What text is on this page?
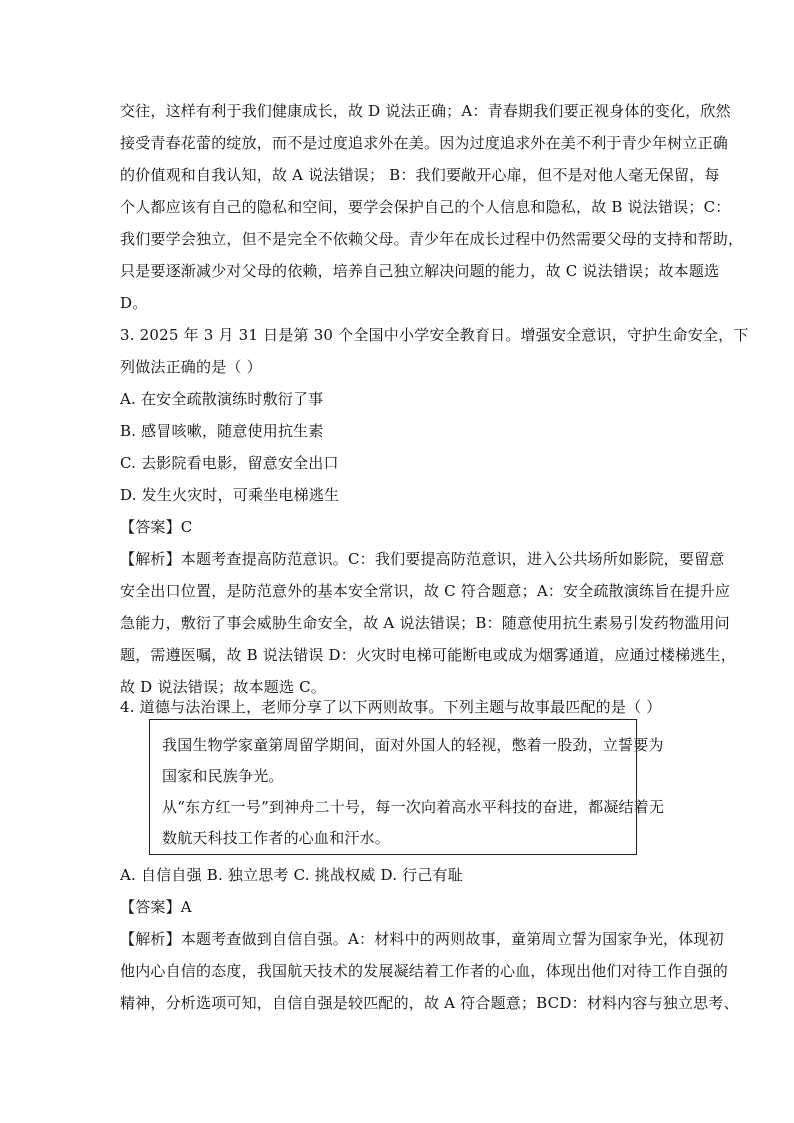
交往，这样有利于我们健康成长，故 D 说法正确；A：青春期我们要正视身体的变化，欣然
接受青春花蕾的绽放，而不是过度追求外在美。因为过度追求外在美不利于青少年树立正确
的价值观和自我认知，故 A 说法错误； B：我们要敞开心扉，但不是对他人毫无保留，每
个人都应该有自己的隐私和空间，要学会保护自己的个人信息和隐私，故 B 说法错误；C：
我们要学会独立，但不是完全不依赖父母。青少年在成长过程中仍然需要父母的支持和帮助，
只是要逐渐减少对父母的依赖，培养自己独立解决问题的能力，故 C 说法错误；故本题选
D。
3. 2025 年 3 月 31 日是第 30 个全国中小学安全教育日。增强安全意识，守护生命安全，下
列做法正确的是（ ）
A. 在安全疏散演练时敷衍了事
B. 感冒咳嗽，随意使用抗生素
C. 去影院看电影，留意安全出口
D. 发生火灾时，可乘坐电梯逃生
【答案】C
【解析】本题考查提高防范意识。C：我们要提高防范意识，进入公共场所如影院，要留意
安全出口位置，是防范意外的基本安全常识，故 C 符合题意；A：安全疏散演练旨在提升应
急能力，敷衍了事会威胁生命安全，故 A 说法错误；B：随意使用抗生素易引发药物滥用问
题，需遵医嘱，故 B 说法错误 D：火灾时电梯可能断电或成为烟雾通道，应通过楼梯逃生，
故 D 说法错误；故本题选 C。
4. 道德与法治课上，老师分享了以下两则故事。下列主题与故事最匹配的是（ ）
我国生物学家童第周留学期间，面对外国人的轻视，憋着一股劲，立誓要为
国家和民族争光。
从“东方红一号”到神舟二十号，每一次向着高水平科技的奋进，都凝结着无
数航天科技工作者的心血和汗水。
A. 自信自强 B. 独立思考 C. 挑战权威 D. 行己有耻
【答案】A
【解析】本题考查做到自信自强。A：材料中的两则故事，童第周立誓为国家争光，体现初
他内心自信的态度，我国航天技术的发展凝结着工作者的心血，体现出他们对待工作自强的
精神，分析选项可知，自信自强是较匹配的，故 A 符合题意；BCD：材料内容与独立思考、
